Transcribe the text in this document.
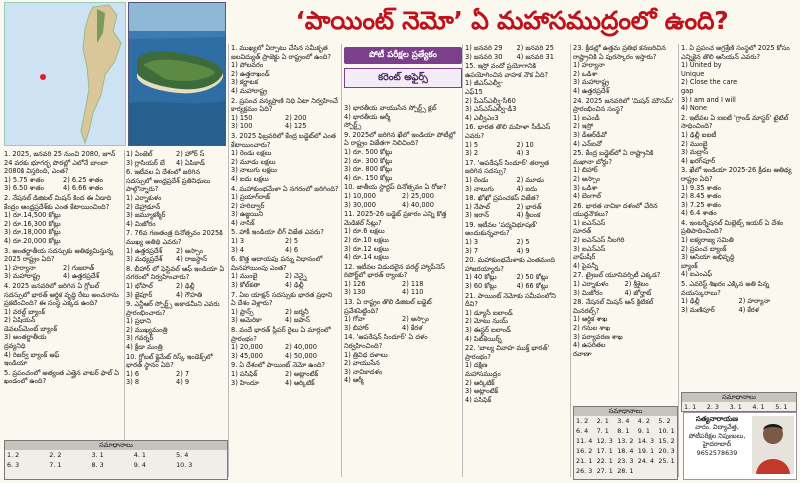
‘పాయింట్ నెమో’ ఏ మహాసముద్రంలో ఉంది?
పోటీ పరీక్షల ప్రత్యేకం
కరెంట్ అఫైర్స్

1. 2025, జనవరి 25 నుంచి 2080, జూన్ 24 వరకు భూగర్భ పొరల్లో ఎలోనే బాంబా 2080కి విస్తరింది, ఎంత?
1) 5.75 శాతం	2) 6.25 శాతం
3) 6.50 శాతం	4) 6.66 శాతం

2. నేషనల్ డిజిటల్ మిషన్ కింద ఈ ఏడాది కేంద్రం ఆంధ్రప్రదేశ్‌కు ఎంత కేటాయించింది?
1) రూ.14,500 కోట్లు
2) రూ.16,300 కోట్లు
3) రూ.18,000 కోట్లు
4) రూ.20,000 కోట్లు

3. అంతర్జాతీయ సదస్సుకు ఆతిథ్యమిస్తున్న 2025 రాష్ట్రం ఏది?
1) హర్యానా	2) గుజరాత్
3) మహారాష్ట్ర	4) ఉత్తరప్రదేశ్

4. 2025 జనవరిలో జరిగిన ఏ గ్లోబల్ సదస్సులో భారత్ ఆర్థిక వృద్ధి రేటు అంచనాను ప్రకటించింది? ఈ సంస్థ ఎక్కడ ఉంది?
1) వరల్డ్ బ్యాంక్
2) ఏషియన్ డెవలప్‌మెంట్ బ్యాంక్
3) అంతర్జాతీయ ద్రవ్యనిధి
4) రిజర్వ్ బ్యాంక్ ఆఫ్ ఇండియా

5. ప్రపంచంలో అత్యంత ఎత్తైన వాటర్ ఫాల్ ఏ ఖండంలో ఉంది?

1) ఏంజెల్	2) హోర్ స్
3) గ్లాసియర్ బే	4) ఏపికాడ్

6. ఇటీవల ఏ దేశంలో జరిగిన సదస్సులో ఆంధ్రప్రదేశ్ ప్రతినిధులు పాల్గొన్నారు?
1) ఎర్నాకుళం
2) డెహ్రాడూన్
3) జమ్మూకశ్మీర్
4) మిజోరం

7. 76వ గణతంత్ర దినోత్సవం 2025కి ముఖ్య అతిథి ఎవరు?
1) ఉత్తరప్రదేశ్	2) అస్సాం
3) మధ్యప్రదేశ్	4) రాజస్థాన్

8. బీహార్ లో ఫెస్టివల్ ఆఫ్ ఇండియా ఏ నగరంలో నిర్వహించారు?
1) భోపాల్	2) ఢిల్లీ
3) జైపూర్	4) గౌహతి

9. ఎన్టీఆర్ స్పోర్ట్స్ అకాడమీని ఎవరు ప్రారంభించారు?
1) ప్రధాని
2) ముఖ్యమంత్రి
3) గవర్నర్
4) క్రీడా మంత్రి

10. గ్లోబల్ క్లైమేట్ రిస్క్ ఇండెక్స్‌లో భారత్ స్థానం ఏది?
1) 6	2) 7
3) 8	4) 9

1. ముఖ్యలో ఏర్పాటు చేసిన సమీకృత జలవిద్యుత్ ప్రాజెక్టు ఏ రాష్ట్రంలో ఉంది?
1) పోలవరం
2) ఉత్తరాఖండ్
3) కర్ణాటక
4) మహారాష్ట్ర

2. ప్రపంచ వన్యప్రాణి నిధి ఏటా నిర్వహించే కార్యక్రమం ఏది?
1) 150	2) 200
3) 100	4) 125

3. 2025 ఫిబ్రవరిలో కేంద్ర బడ్జెట్‌లో ఎంత కేటాయించారు?
1) రెండు లక్షలు
2) మూడు లక్షలు
3) నాలుగు లక్షలు
4) ఐదు లక్షలు

4. మహాకుంభమేళా ఏ నగరంలో జరిగింది?
1) ప్రయాగ్‌రాజ్
2) హరిద్వార్
3) ఉజ్జయిని
4) నాసిక్

5. హాకీ ఇండియా లీగ్ విజేత ఎవరు?
1) 3	2) 5
3) 4	4) 6

6. కొత్త ఆదాయపు పన్ను విధానంలో మినహాయింపు ఎంత?
1) ముంబై	2) చెన్నై
3) కోల్‌కతా	4) ఢిల్లీ

7. ఏఐ యాక్షన్ సదస్సుకు భారత ప్రధాని ఏ దేశం వెళ్లారు?
1) ఫ్రాన్స్	2) జర్మనీ
3) అమెరికా	4) జపాన్

8. వందే భారత్ స్లీపర్ రైలు ఏ మార్గంలో ప్రారంభం?
1) 20,000	2) 40,000
3) 45,000	4) 50,000

9. ఏ దేశంలో పాయింట్ నెమో ఉంది?
1) పసిఫిక్	2) అట్లాంటిక్
3) హిందూ	4) ఆర్కిటిక్

3) భారతీయ వాయుసేన స్పోర్ట్స్ క్లబ్
4) భారతీయ ఆర్మీ స్పోర్ట్స్

9. 2025లో జరిగిన ఖేలో ఇండియా పోటీల్లో ఏ రాష్ట్రం విజేతగా నిలిచింది?
1) రూ. 500 కోట్లు
2) రూ. 300 కోట్లు
3) రూ. 800 కోట్లు
4) రూ. 150 కోట్లు

10. జాతీయ స్టార్టప్ దినోత్సవం ఏ రోజు?
1) 10,000	2) 25,000
3) 30,000	4) 40,000

11. 2025-26 బడ్జెట్ ప్రకారం ఎన్ని కొత్త మెడికల్ సీట్లు?
1) రూ.6 లక్షలు
2) రూ.10 లక్షలు
3) రూ.12 లక్షలు
4) రూ.14 లక్షలు

12. ఇటీవల విడుదలైన వరల్డ్ హ్యాపీనెస్ రిపోర్ట్‌లో భారత్ ర్యాంకు?
1) 126	2) 118
3) 130	4) 110

13. ఏ రాష్ట్రం తొలి డిజిటల్ బడ్జెట్ ప్రవేశపెట్టింది?
1) గోవా	2) అస్సాం
3) బిహార్	4) కేరళ

14. 'ఆపరేషన్ సిందూర్' ఏ దళం నిర్వహించింది?
1) త్రివిధ దళాలు
2) వాయుసేన
3) నావికాదళం
4) ఆర్మీ

1) జనవరి 29	2) జనవరి 25
3) జనవరి 30	4) జనవరి 31

15. ఇస్రో వందో ప్రయోగానికి ఉపయోగించిన వాహక నౌక ఏది?
1) జీఎస్ఎల్వీ-ఎఫ్15
2) పీఎస్ఎల్వీ-సీ60
3) ఎస్ఎస్ఎల్వీ-డీ3
4) ఎల్వీఎం3

16. భారత తొలి మహిళా సీడీఎస్ ఎవరు?
1) 5	2) 10
3) 2	4) 3

17. 'ఆపరేషన్ సిందూర్' తర్వాత జరిగిన సదస్సు?
1) రెండు	2) మూడు
3) నాలుగు	4) ఐదు

18. ఖోఖో ప్రపంచకప్ విజేత?
1) నేపాల్	2) భారత్
3) ఇరాన్	4) శ్రీలంక

19. ఇటీవల 'పద్మవిభూషణ్' అందుకున్నవారు?
1) 3	2) 5
3) 7	4) 9

20. మహాకుంభమేళాకు ఎంతమంది హాజరయ్యారు?
1) 40 కోట్లు	2) 50 కోట్లు
3) 60 కోట్లు	4) 66 కోట్లు

21. పాయింట్ నెమోకు సమీపంలోని దీవి?
1) డ్యూసీ ఐలాండ్
2) మోటు నుయ్
3) ఈస్టర్ ఐలాండ్
4) పిట్‌కెయిర్న్

22. 'బాల్య వివాహ ముక్త్ భారత్' ప్రారంభం?
1) దక్షిణ మహాసముద్రం
2) ఆర్కిటిక్
3) అట్లాంటిక్
4) పసిఫిక్

23. క్రీడల్లో ఉత్తమ ప్రతిభ కనబరిచిన రాష్ట్రానికి ఏ పురస్కారం ఇస్తారు?
1) హర్యానా
2) ఒడిశా
3) మహారాష్ట్ర
4) ఉత్తరప్రదేశ్

24. 2025 జనవరిలో 'మిషన్ మౌసమ్' ప్రారంభించిన సంస్థ?
1) ఐఎండీ
2) ఇస్రో
3) డీఆర్‌డీవో
4) ఎన్‌ఐవో

25. కేంద్ర బడ్జెట్‌లో ఏ రాష్ట్రానికి మఖానా బోర్డు?
1) బిహార్
2) అస్సాం
3) ఒడిశా
4) బెంగాల్

26. భారత నావికా దళంలో చేరిన యుద్ధనౌకలు?
1) ఐఎన్ఎస్ సూరత్
2) ఐఎన్ఎస్ నీలగిరి
3) ఐఎన్ఎస్ వాఘ్‌షీర్
4) పైవన్నీ

27. ట్రైబల్ యూనివర్సిటీ ఎక్కడ?
1) ఎర్నాకుళం	2) శ్రీశైలం
3) మిజోరం	4) జోర్హాట్

28. నేషనల్ మిషన్ ఆన్ క్రిటికల్ మినరల్స్?
1) ఆర్థిక శాఖ
2) గనుల శాఖ
3) పర్యావరణ శాఖ
4) ఉపరితల రవాణా

1. ఏ ప్రపంచ అగ్రశ్రేణి సంస్థలో 2025 కోసం ఎన్నికైన తొలి ఆసియన్ ఎవరు?
1) United by Unique
2) Close the care gap
3) I am and I will
4) None

2. ఇటీవల ఏ ఐఐటీ 'గ్రాండ్ మాస్టర్' టైటిల్ సాధించింది?
1) ఢిల్లీ ఐఐటీ
2) ముంబై
3) మద్రాస్
4) ఖరగ్‌పూర్

3. ఖేలో ఇండియా 2025-26 క్రీడల ఆతిథ్య రాష్ట్రం ఏది?
1) 9.35 శాతం
2) 8.45 శాతం
3) 7.25 శాతం
4) 6.4 శాతం

4. ఇంటర్నేషనల్ మిల్లెట్స్ ఇయర్ ఏ దేశం ప్రతిపాదించింది?
1) ఐక్యరాజ్య సమితి
2) ప్రపంచ బ్యాంక్
3) ఆసియా అభివృద్ధి బ్యాంక్
4) ఐఎంఎఫ్

5. ఎవరెస్ట్ శిఖరం ఎక్కిన అతి పిన్న వయస్కురాలు?
1) ఢిల్లీ	2) హర్యానా
3) మణిపూర్	4) కేరళ

సమాధానాలు
1. 2	2. 2	3. 1	4. 1	5. 4
6. 3	7. 1	8. 3	9. 4	10. 3
సమాధానాలు
1. 2	2. 1	3. 4	4. 2	5. 2
6. 4	7. 1	8. 1	9. 1	10. 1
11. 4	12. 3	13. 2	14. 3	15. 2
16. 2	17. 1	18. 4	19. 1	20. 3
21. 1	22. 1	23. 3	24. 4	25. 1
26. 3	27. 1	28. 1		
సమాధానాలు
1. 1	2. 3	3. 1	4. 1	5. 1
సత్యనారాయణ
వారం. విద్యావేత్త,
పోటీపరీక్షల నిపుణులు,
హైదరాబాద్
9652578639
